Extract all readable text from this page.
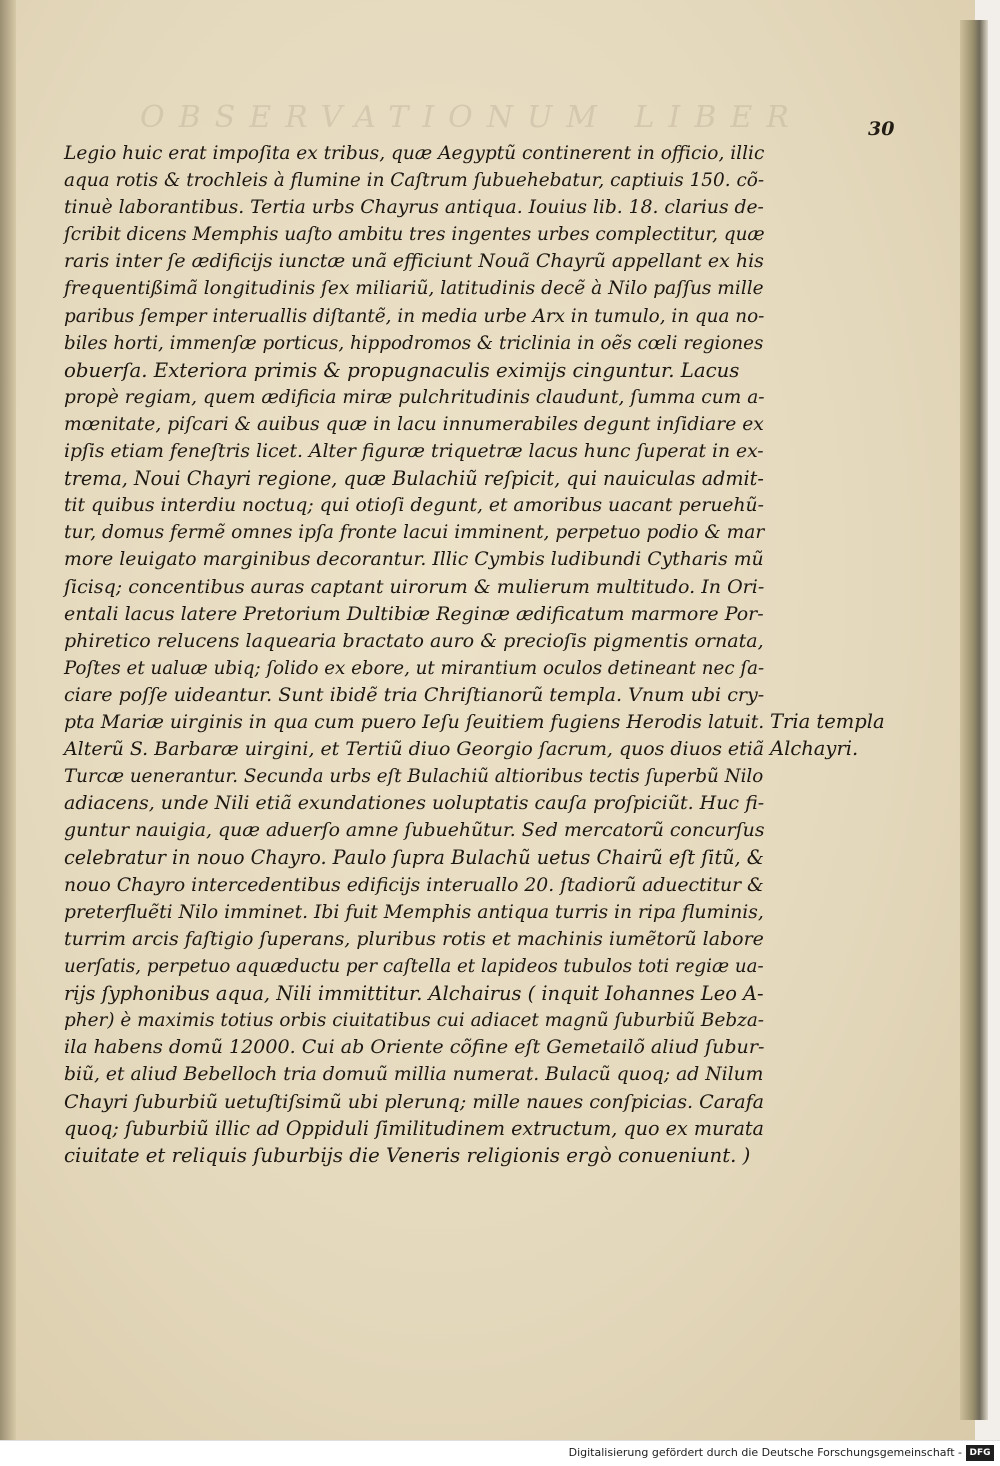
OBSERVATIONUM LIBER	30
Legio huic erat impoſita ex tribus, quæ Aegyptũ continerent in officio, illic
aqua rotis & trochleis à flumine in Caſtrum ſubuehebatur, captiuis 150. cõ-
tinuè laborantibus. Tertia urbs Chayrus antiqua. Iouius lib. 18. clarius de-
ſcribit dicens Memphis uaſto ambitu tres ingentes urbes complectitur, quæ
raris inter ſe ædificijs iunctæ unã efficiunt Nouã Chayrũ appellant ex his
frequentißimã longitudinis ſex miliariũ, latitudinis decẽ à Nilo paſſus mille
paribus ſemper interuallis diſtantẽ, in media urbe Arx in tumulo, in qua no-
biles horti, immenſæ porticus, hippodromos & triclinia in oẽs cœli regiones
obuerſa. Exteriora primis & propugnaculis eximijs cinguntur. Lacus
propè regiam, quem ædificia miræ pulchritudinis claudunt, ſumma cum a-
mœnitate, piſcari & auibus quæ in lacu innumerabiles degunt inſidiare ex
ipſis etiam feneſtris licet. Alter figuræ triquetræ lacus hunc ſuperat in ex-
trema, Noui Chayri regione, quæ Bulachiũ reſpicit, qui nauiculas admit-
tit quibus interdiu noctuq; qui otioſi degunt, et amoribus uacant peruehũ-
tur, domus fermẽ omnes ipſa fronte lacui imminent, perpetuo podio & mar
more leuigato marginibus decorantur. Illic Cymbis ludibundi Cytharis mũ
ſicisq; concentibus auras captant uirorum & mulierum multitudo. In Ori-
entali lacus latere Pretorium Dultibiæ Reginæ ædificatum marmore Por-
phiretico relucens laquearia bractato auro & precioſis pigmentis ornata,
Poſtes et ualuæ ubiq; ſolido ex ebore, ut mirantium oculos detineant nec ſa-
ciare poſſe uideantur. Sunt ibidẽ tria Chriſtianorũ templa. Vnum ubi cry-
pta Mariæ uirginis in qua cum puero Ieſu ſeuitiem fugiens Herodis latuit.
Alterũ S. Barbaræ uirgini, et Tertiũ diuo Georgio ſacrum, quos diuos etiã
Turcæ uenerantur. Secunda urbs eſt Bulachiũ altioribus tectis ſuperbũ Nilo
adiacens, unde Nili etiã exundationes uoluptatis cauſa proſpiciũt. Huc fi-
guntur nauigia, quæ aduerſo amne ſubuehũtur. Sed mercatorũ concurſus
celebratur in nouo Chayro. Paulo ſupra Bulachũ uetus Chairũ eſt ſitũ, &
nouo Chayro intercedentibus edificijs interuallo 20. ſtadiorũ aduectitur &
preterfluẽti Nilo imminet. Ibi fuit Memphis antiqua turris in ripa fluminis,
turrim arcis faſtigio ſuperans, pluribus rotis et machinis iumẽtorũ labore
uerſatis, perpetuo aquæductu per caſtella et lapideos tubulos toti regiæ ua-
rijs ſyphonibus aqua, Nili immittitur. Alchairus ( inquit Iohannes Leo A-
pher) è maximis totius orbis ciuitatibus cui adiacet magnũ ſuburbiũ Bebza-
ila habens domũ 12000. Cui ab Oriente cõfine eſt Gemetailõ aliud ſubur-
biũ, et aliud Bebelloch tria domuũ millia numerat. Bulacũ quoq; ad Nilum
Chayri ſuburbiũ uetuſtiſsimũ ubi plerunq; mille naues conſpicias. Carafa
quoq; ſuburbiũ illic ad Oppiduli ſimilitudinem extructum, quo ex murata
ciuitate et reliquis ſuburbijs die Veneris religionis ergò conueniunt. )
Tria templa
Alchayri.
Digitalisierung gefördert durch die Deutsche Forschungsgemeinschaft - DFG
